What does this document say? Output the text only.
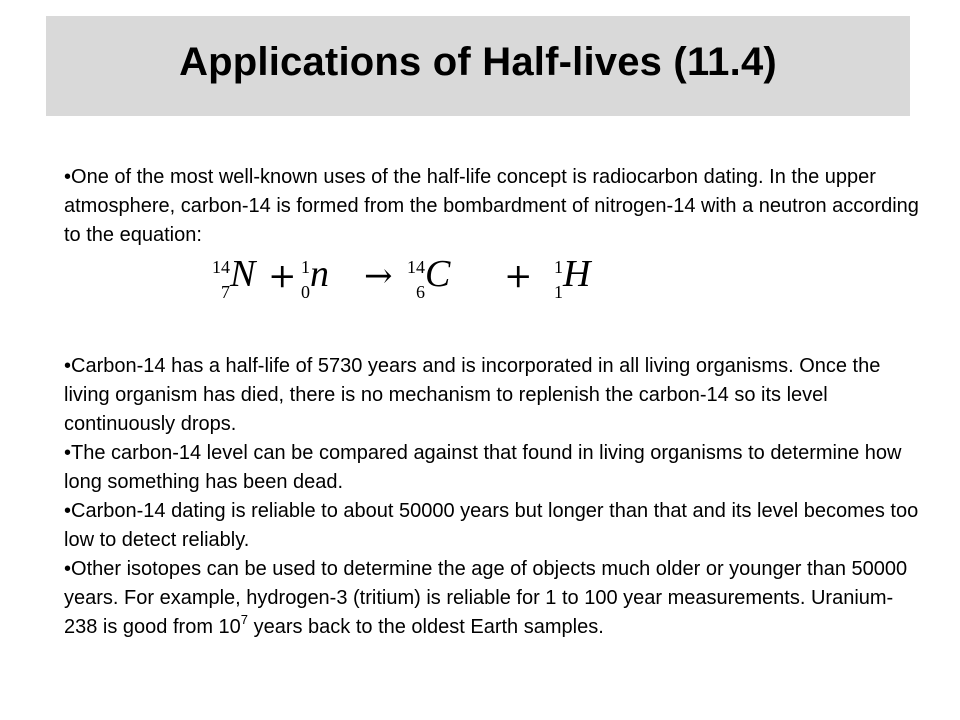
Applications of Half-lives (11.4)

•One of the most well-known uses of the half-life concept is radiocarbon dating. In the upper atmosphere, carbon-14 is formed from the bombardment of nitrogen-14 with a neutron according to the equation:

14
7 N + 1
0 n → 14
6 C +	1
1 H

•Carbon-14 has a half-life of 5730 years and is incorporated in all living organisms. Once the living organism has died, there is no mechanism to replenish the carbon-14 so its level continuously drops.

•The carbon-14 level can be compared against that found in living organisms to determine how long something has been dead.

•Carbon-14 dating is reliable to about 50000 years but longer than that and its level becomes too low to detect reliably.

•Other isotopes can be used to determine the age of objects much older or younger than 50000 years. For example, hydrogen-3 (tritium) is reliable for 1 to 100 year measurements. Uranium-238 is good from $10^7$ years back to the oldest Earth samples.
